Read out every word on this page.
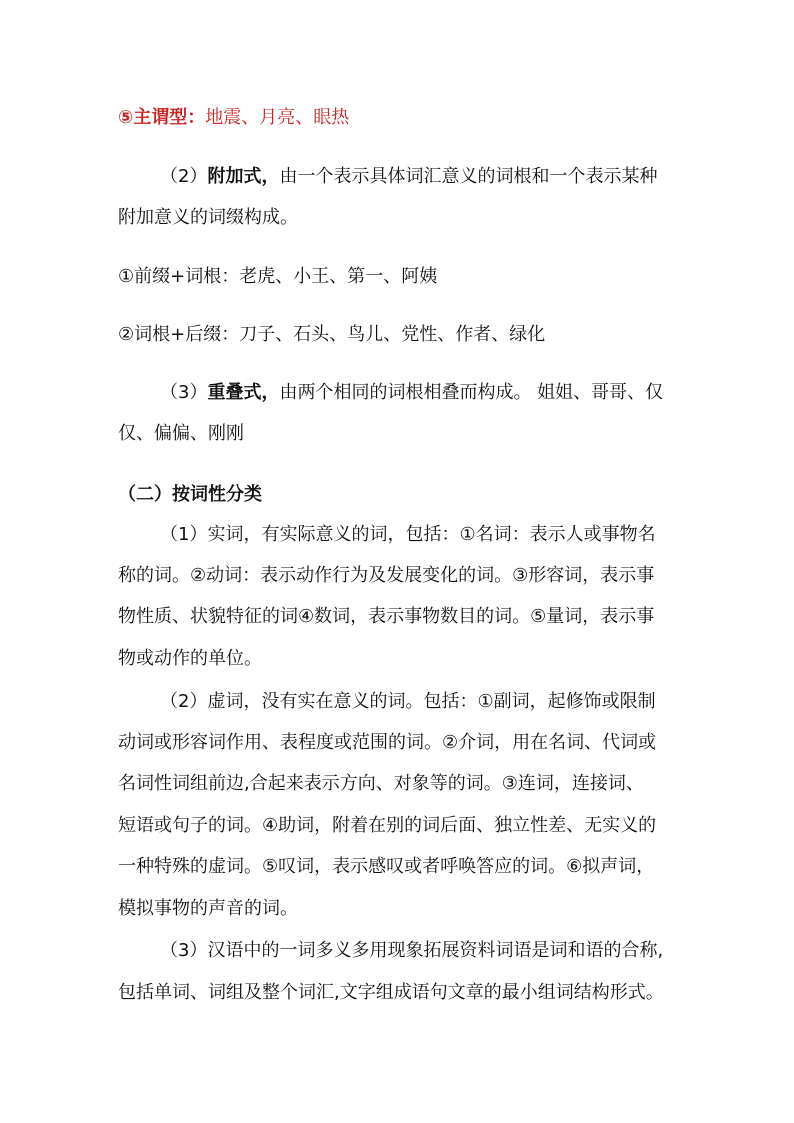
⑤主谓型：地震、月亮、眼热
（2）附加式，由一个表示具体词汇意义的词根和一个表示某种
附加意义的词缀构成。
①前缀+词根：老虎、小王、第一、阿姨
②词根+后缀：刀子、石头、鸟儿、党性、作者、绿化
（3）重叠式，由两个相同的词根相叠而构成。 姐姐、哥哥、仅
仅、偏偏、刚刚
（二）按词性分类
（1）实词，有实际意义的词，包括：①名词：表示人或事物名
称的词。②动词：表示动作行为及发展变化的词。③形容词，表示事
物性质、状貌特征的词④数词，表示事物数目的词。⑤量词，表示事
物或动作的单位。
（2）虚词，没有实在意义的词。包括：①副词，起修饰或限制
动词或形容词作用、表程度或范围的词。②介词，用在名词、代词或
名词性词组前边,合起来表示方向、对象等的词。③连词，连接词、
短语或句子的词。④助词，附着在别的词后面、独立性差、无实义的
一种特殊的虚词。⑤叹词，表示感叹或者呼唤答应的词。⑥拟声词，
模拟事物的声音的词。
（3）汉语中的一词多义多用现象拓展资料词语是词和语的合称,
包括单词、词组及整个词汇,文字组成语句文章的最小组词结构形式。
